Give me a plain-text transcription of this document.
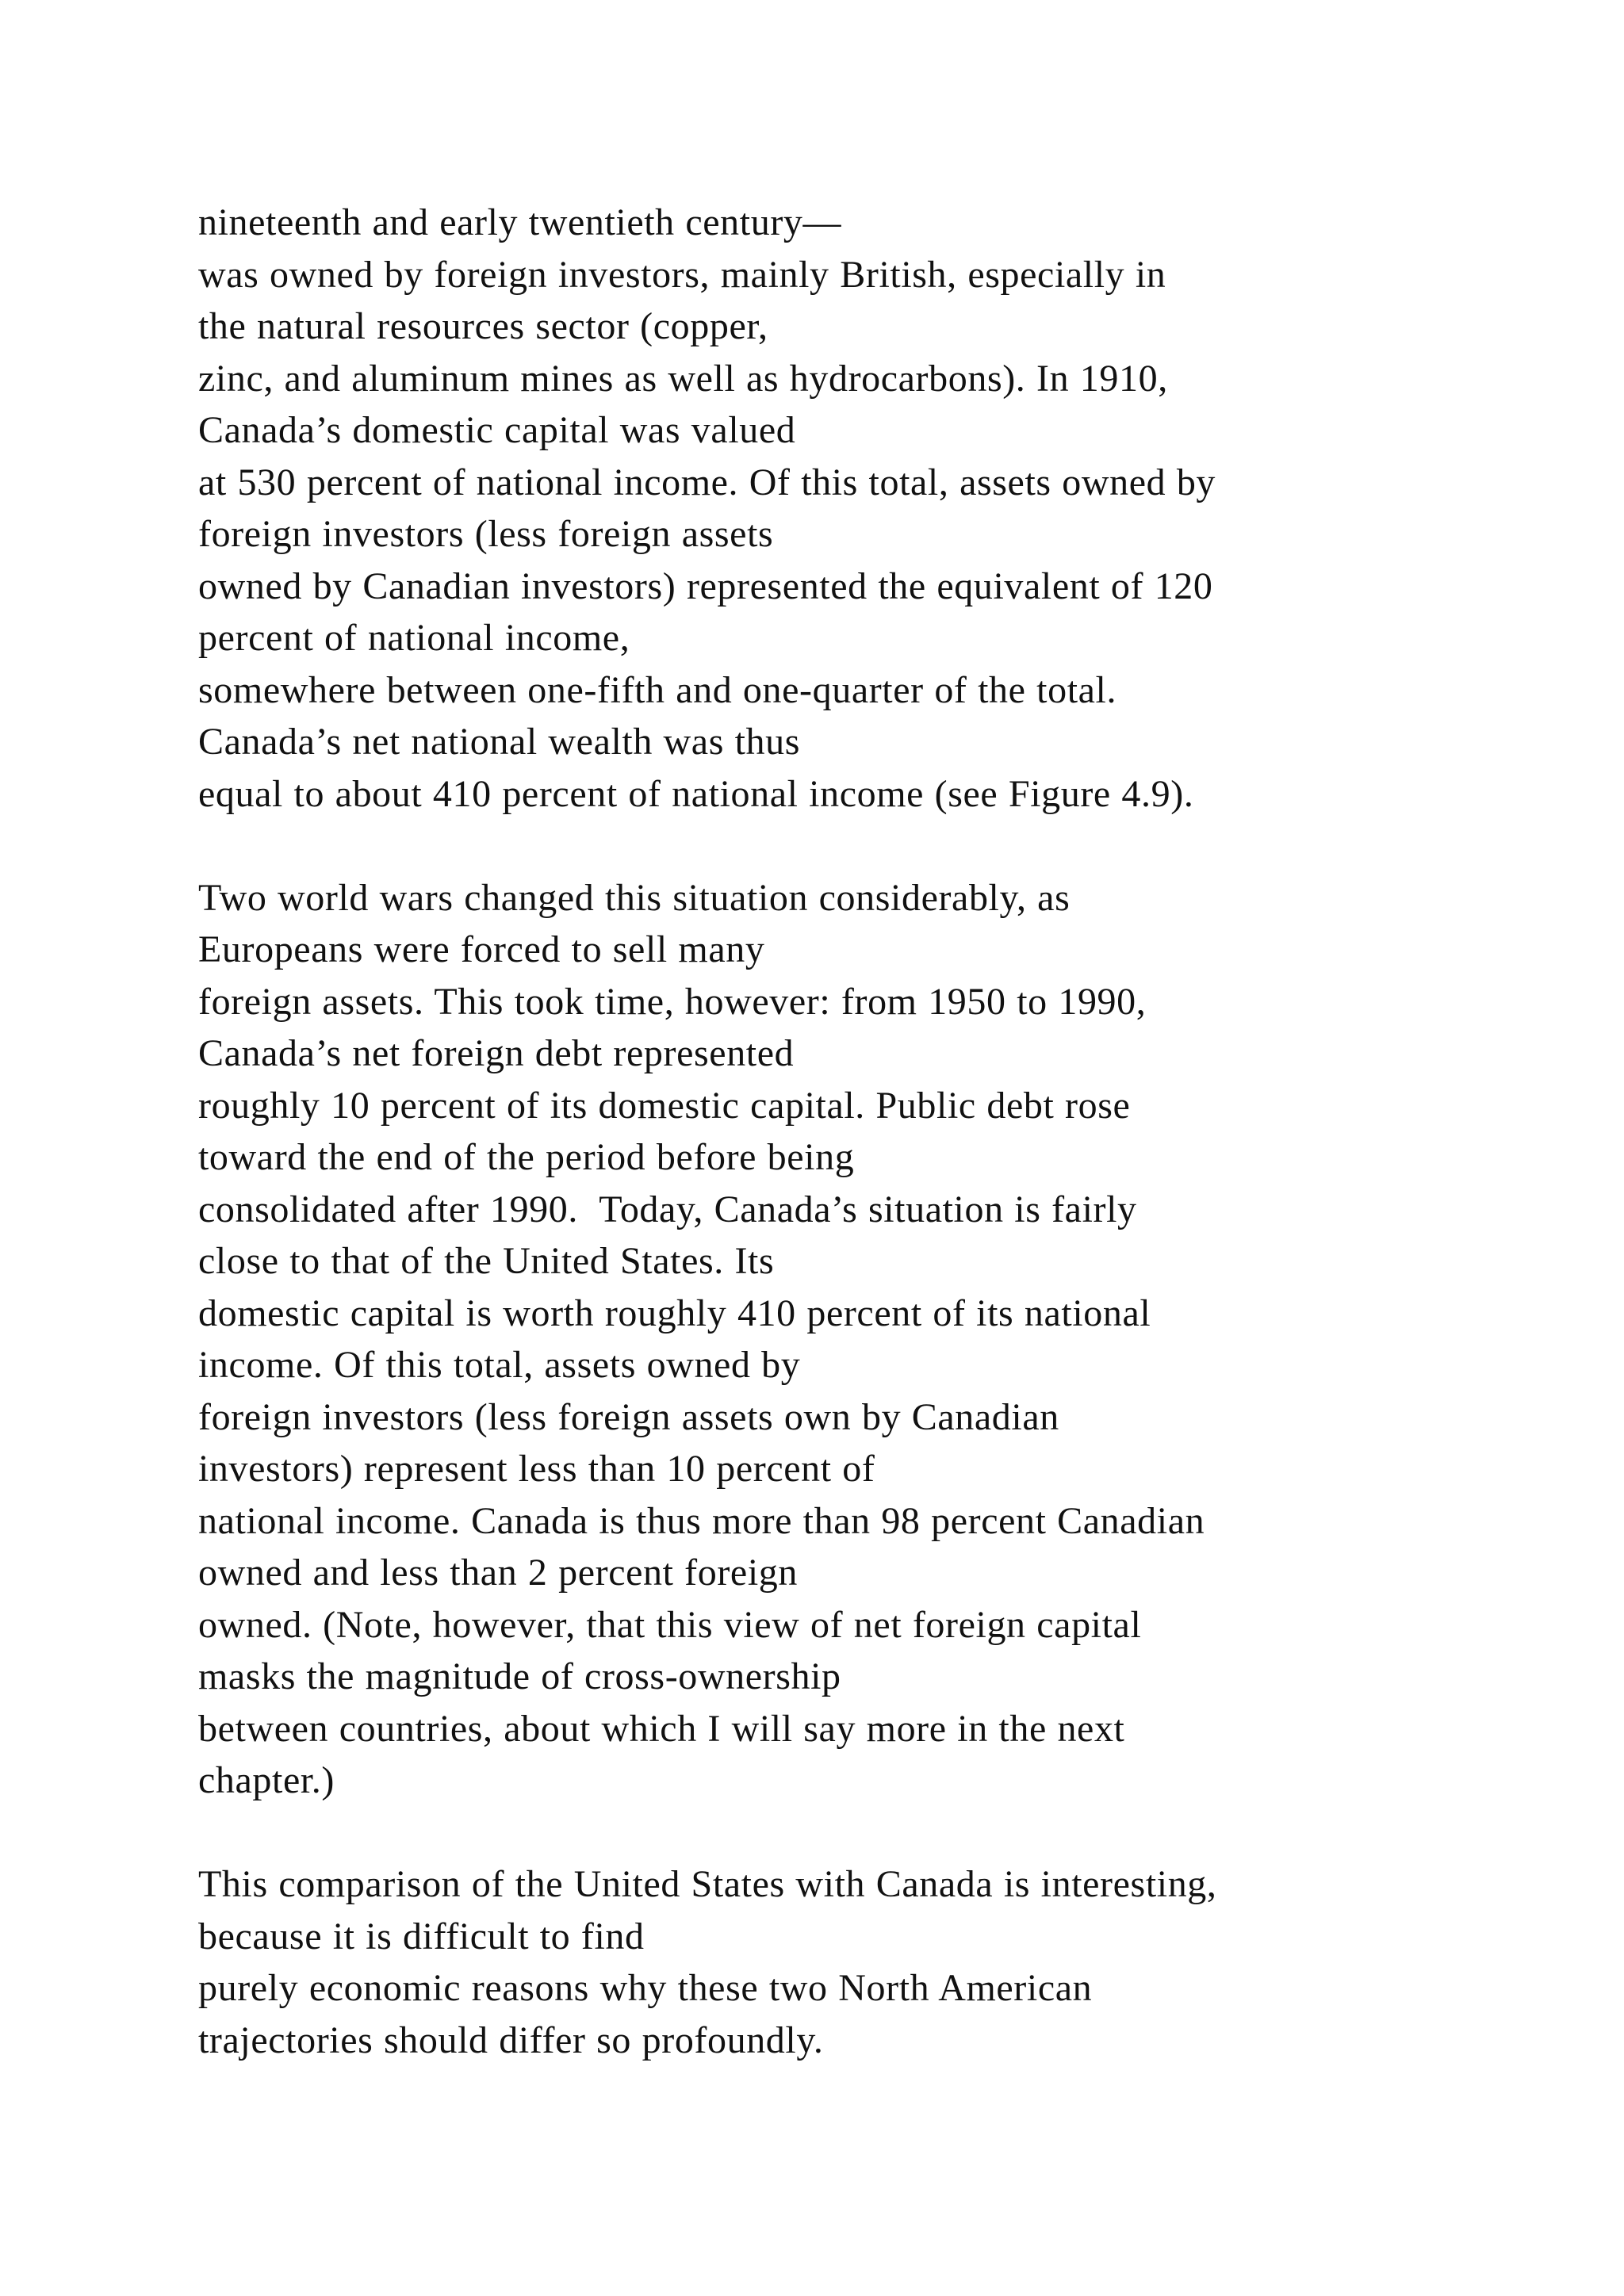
nineteenth and early twentieth century—
was owned by foreign investors, mainly British, especially in
the natural resources sector (copper,
zinc, and aluminum mines as well as hydrocarbons). In 1910,
Canada’s domestic capital was valued
at 530 percent of national income. Of this total, assets owned by
foreign investors (less foreign assets
owned by Canadian investors) represented the equivalent of 120
percent of national income,
somewhere between one-fifth and one-quarter of the total.
Canada’s net national wealth was thus
equal to about 410 percent of national income (see Figure 4.9).
Two world wars changed this situation considerably, as
Europeans were forced to sell many
foreign assets. This took time, however: from 1950 to 1990,
Canada’s net foreign debt represented
roughly 10 percent of its domestic capital. Public debt rose
toward the end of the period before being
consolidated after 1990.  Today, Canada’s situation is fairly
close to that of the United States. Its
domestic capital is worth roughly 410 percent of its national
income. Of this total, assets owned by
foreign investors (less foreign assets own by Canadian
investors) represent less than 10 percent of
national income. Canada is thus more than 98 percent Canadian
owned and less than 2 percent foreign
owned. (Note, however, that this view of net foreign capital
masks the magnitude of cross-ownership
between countries, about which I will say more in the next
chapter.)
This comparison of the United States with Canada is interesting,
because it is difficult to find
purely economic reasons why these two North American
trajectories should differ so profoundly.
